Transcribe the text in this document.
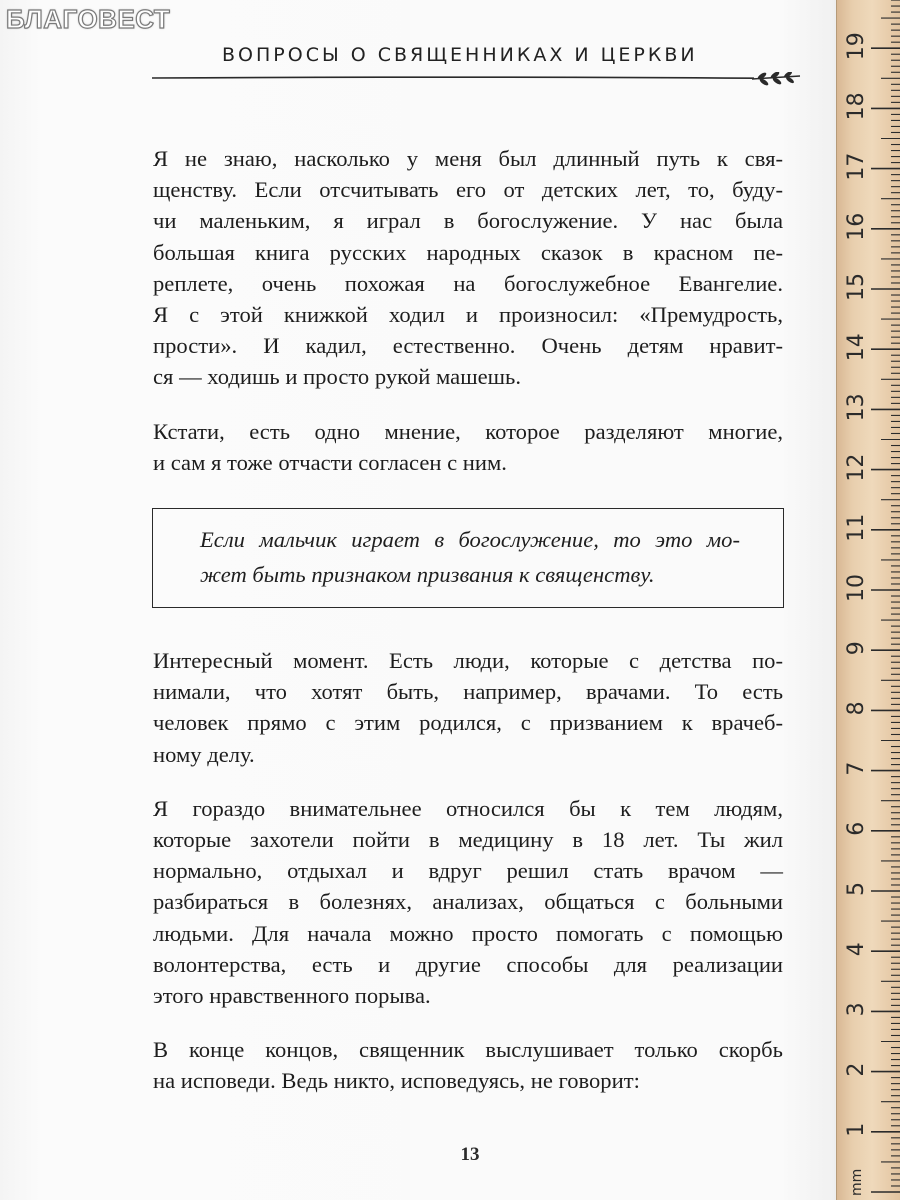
БЛАГОВЕСТ
ВОПРОСЫ О СВЯЩЕННИКАХ И ЦЕРКВИ
Я не знаю, насколько у меня был длинный путь к свя-
щенству. Если отсчитывать его от детских лет, то, буду-
чи маленьким, я играл в богослужение. У нас была
большая книга русских народных сказок в красном пе-
реплете, очень похожая на богослужебное Евангелие.
Я с этой книжкой ходил и произносил: «Премудрость,
прости». И кадил, естественно. Очень детям нравит-
ся — ходишь и просто рукой машешь.
Кстати, есть одно мнение, которое разделяют многие,
и сам я тоже отчасти согласен с ним.
Если мальчик играет в богослужение, то это мо-
жет быть признаком призвания к священству.
Интересный момент. Есть люди, которые с детства по-
нимали, что хотят быть, например, врачами. То есть
человек прямо с этим родился, с призванием к врачеб-
ному делу.
Я гораздо внимательнее относился бы к тем людям,
которые захотели пойти в медицину в 18 лет. Ты жил
нормально, отдыхал и вдруг решил стать врачом —
разбираться в болезнях, анализах, общаться с больными
людьми. Для начала можно просто помогать с помощью
волонтерства, есть и другие способы для реализации
этого нравственного порыва.
В конце концов, священник выслушивает только скорбь
на исповеди. Ведь никто, исповедуясь, не говорит:
13
1
2
3
4
5
6
7
8
9
10
11
12
13
14
15
16
17
18
19
mm
